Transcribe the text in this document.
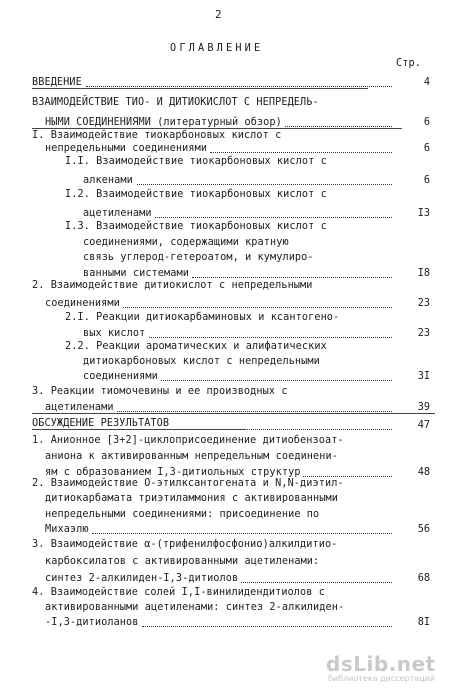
2
ОГЛАВЛЕНИЕ
Стр.
ВВЕДЕНИЕ	4
ВЗАИМОДЕЙСТВИЕ ТИО- И ДИТИОКИСЛОТ С НЕПРЕДЕЛЬ-
НЫМИ СОЕДИНЕНИЯМИ (литературный обзор)	6
I. Взаимодействие тиокарбоновых кислот с
непредельными соединениями	6
I.I. Взаимодействие тиокарбоновых кислот с
алкенами	6
I.2. Взаимодействие тиокарбоновых кислот с
ацетиленами	I3
I.3. Взаимодействие тиокарбоновых кислот с
соединениями, содержащими кратную
связь углерод-гетероатом, и кумулиро-
ванными системами	I8
2. Взаимодействие дитиокислот с непредельными
соединениями	23
2.I. Реакции дитиокарбаминовых и ксантогено-
вых кислот	23
2.2. Реакции ароматических и алифатических
дитиокарбоновых кислот с непредельными
соединениями	3I
3. Реакции тиомочевины и ее производных с
ацетиленами	39
ОБСУЖДЕНИЕ РЕЗУЛЬТАТОВ	47
1. Анионное [3+2]-циклоприсоединение дитиобензоат-
аниона к активированным непредельным соединени-
ям с образованием I,3-дитиольных структур	48
2. Взаимодействие О-этилксантогената и N,N-диэтил-
дитиокарбамата триэтиламмония с активированными
непредельными соединениями: присоединение по
Михаэлю	56
3. Взаимодействие α-(трифенилфосфонио)алкилдитио-
карбоксилатов с активированными ацетиленами:
синтез 2-алкилиден-I,3-дитиолов	68
4. Взаимодействие солей I,I-винилидендитиолов с
активированными ацетиленами: синтез 2-алкилиден-
-I,3-дитиоланов	8I
dsLib.net
библиотека диссертаций
